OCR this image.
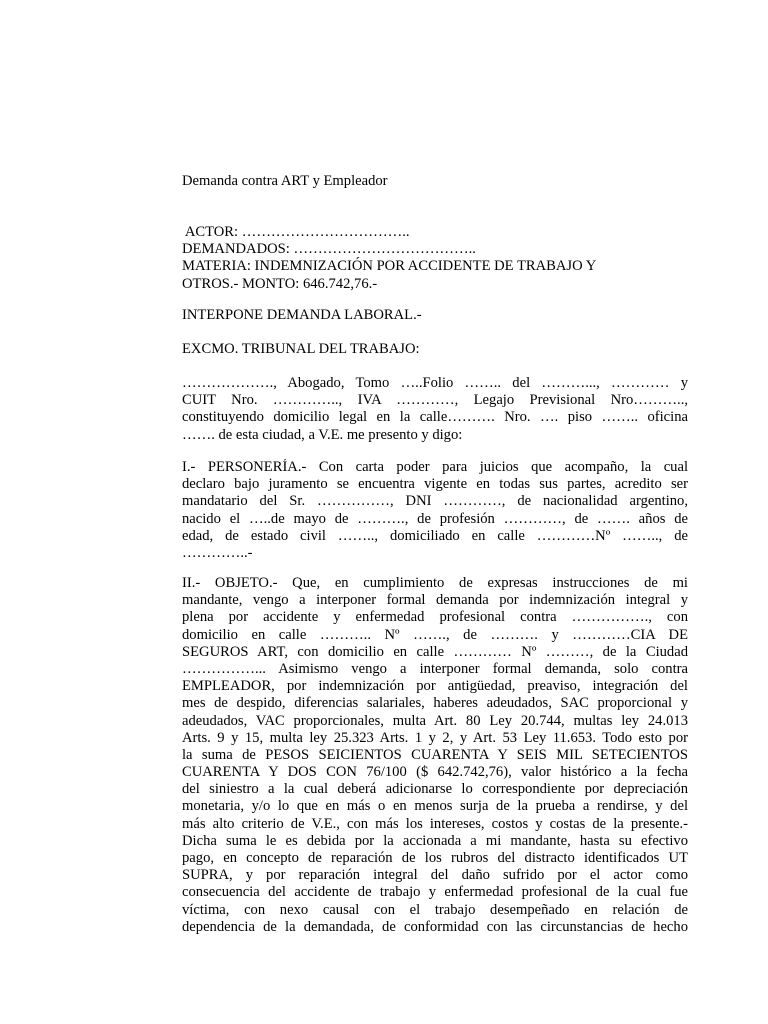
Demanda contra ART y Empleador
ACTOR: ……………………………..
DEMANDADOS: ………………………………..
MATERIA: INDEMNIZACIÓN POR ACCIDENTE DE TRABAJO Y
OTROS.- MONTO: 646.742,76.-
INTERPONE DEMANDA LABORAL.-
EXCMO. TRIBUNAL DEL TRABAJO:
………………., Abogado, Tomo …..Folio …….. del ………..., ………… y
CUIT Nro. ………….., IVA …………, Legajo Previsional Nro………..,
constituyendo domicilio legal en la calle………. Nro. …. piso …….. oficina
……. de esta ciudad, a V.E. me presento y digo:
I.- PERSONERÍA.- Con carta poder para juicios que acompaño, la cual
declaro bajo juramento se encuentra vigente en todas sus partes, acredito ser
mandatario del Sr. ……………, DNI …………, de nacionalidad argentino,
nacido el …..de mayo de ………., de profesión …………, de ……. años de
edad, de estado civil …….., domiciliado en calle …………Nº …….., de
…………..-
II.- OBJETO.- Que, en cumplimiento de expresas instrucciones de mi
mandante, vengo a interponer formal demanda por indemnización integral y
plena por accidente y enfermedad profesional contra ……………., con
domicilio en calle ……….. Nº ……., de ………. y …………CIA DE
SEGUROS ART, con domicilio en calle ………… Nº ………, de la Ciudad
……………... Asimismo vengo a interponer formal demanda, solo contra
EMPLEADOR, por indemnización por antigüedad, preaviso, integración del
mes de despido, diferencias salariales, haberes adeudados, SAC proporcional y
adeudados, VAC proporcionales, multa Art. 80 Ley 20.744, multas ley 24.013
Arts. 9 y 15, multa ley 25.323 Arts. 1 y 2, y Art. 53 Ley 11.653. Todo esto por
la suma de PESOS SEICIENTOS CUARENTA Y SEIS MIL SETECIENTOS
CUARENTA Y DOS CON 76/100 ($ 642.742,76), valor histórico a la fecha
del siniestro a la cual deberá adicionarse lo correspondiente por depreciación
monetaria, y/o lo que en más o en menos surja de la prueba a rendirse, y del
más alto criterio de V.E., con más los intereses, costos y costas de la presente.-
Dicha suma le es debida por la accionada a mi mandante, hasta su efectivo
pago, en concepto de reparación de los rubros del distracto identificados UT
SUPRA, y por reparación integral del daño sufrido por el actor como
consecuencia del accidente de trabajo y enfermedad profesional de la cual fue
víctima, con nexo causal con el trabajo desempeñado en relación de
dependencia de la demandada, de conformidad con las circunstancias de hecho
